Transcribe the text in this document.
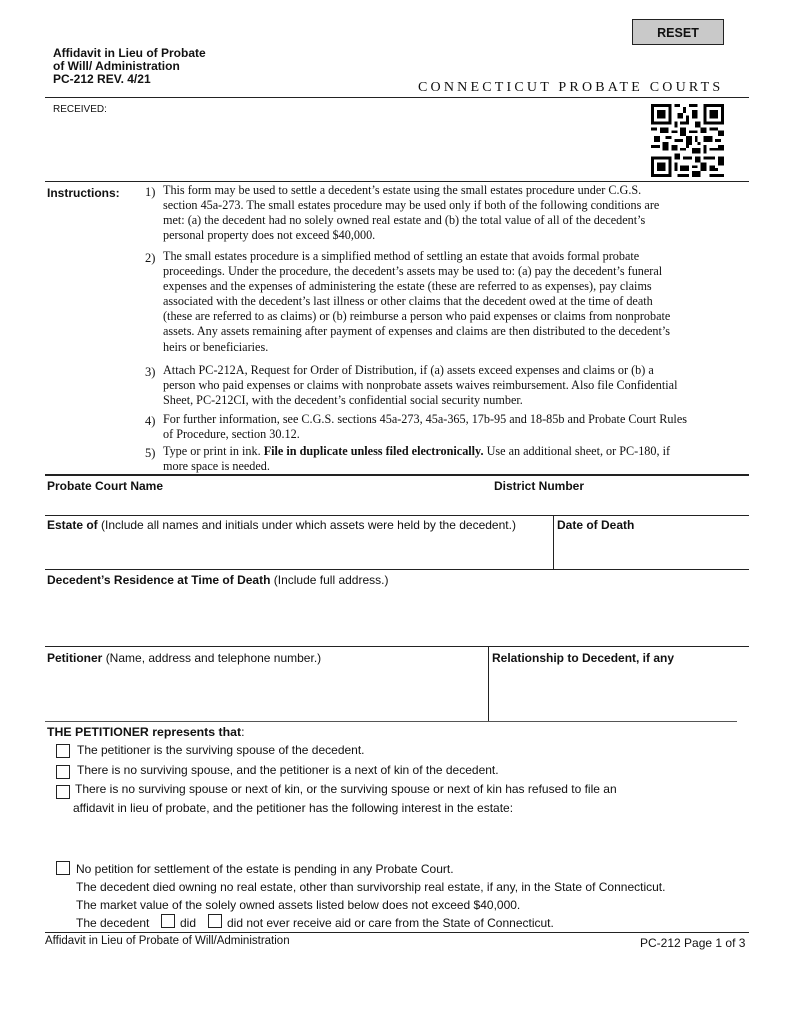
RESET
Affidavit in Lieu of Probate
of Will/ Administration
PC-212 REV. 4/21
CONNECTICUT PROBATE COURTS
RECEIVED:
Instructions: 1) This form may be used to settle a decedent’s estate using the small estates procedure under C.G.S.
section 45a-273. The small estates procedure may be used only if both of the following conditions are
met: (a) the decedent had no solely owned real estate and (b) the total value of all of the decedent’s
personal property does not exceed $40,000.
2) The small estates procedure is a simplified method of settling an estate that avoids formal probate
proceedings. Under the procedure, the decedent’s assets may be used to: (a) pay the decedent’s funeral
expenses and the expenses of administering the estate (these are referred to as expenses), pay claims
associated with the decedent’s last illness or other claims that the decedent owed at the time of death
(these are referred to as claims) or (b) reimburse a person who paid expenses or claims from nonprobate
assets. Any assets remaining after payment of expenses and claims are then distributed to the decedent’s
heirs or beneficiaries.
3) Attach PC-212A, Request for Order of Distribution, if (a) assets exceed expenses and claims or (b) a
person who paid expenses or claims with nonprobate assets waives reimbursement. Also file Confidential
Sheet, PC-212CI, with the decedent’s confidential social security number.
4) For further information, see C.G.S. sections 45a-273, 45a-365, 17b-95 and 18-85b and Probate Court Rules
of Procedure, section 30.12.
5) Type or print in ink. File in duplicate unless filed electronically. Use an additional sheet, or PC-180, if
more space is needed.
Probate Court Name	District Number
Estate of (Include all names and initials under which assets were held by the decedent.)	Date of Death
Decedent’s Residence at Time of Death (Include full address.)
Petitioner (Name, address and telephone number.)	Relationship to Decedent, if any
THE PETITIONER represents that:
The petitioner is the surviving spouse of the decedent.
There is no surviving spouse, and the petitioner is a next of kin of the decedent.
There is no surviving spouse or next of kin, or the surviving spouse or next of kin has refused to file an
affidavit in lieu of probate, and the petitioner has the following interest in the estate:
No petition for settlement of the estate is pending in any Probate Court.
The decedent died owning no real estate, other than survivorship real estate, if any, in the State of Connecticut.
The market value of the solely owned assets listed below does not exceed $40,000.
The decedent	did	did not ever receive aid or care from the State of Connecticut.
Affidavit in Lieu of Probate of Will/Administration	PC-212 Page 1 of 3
